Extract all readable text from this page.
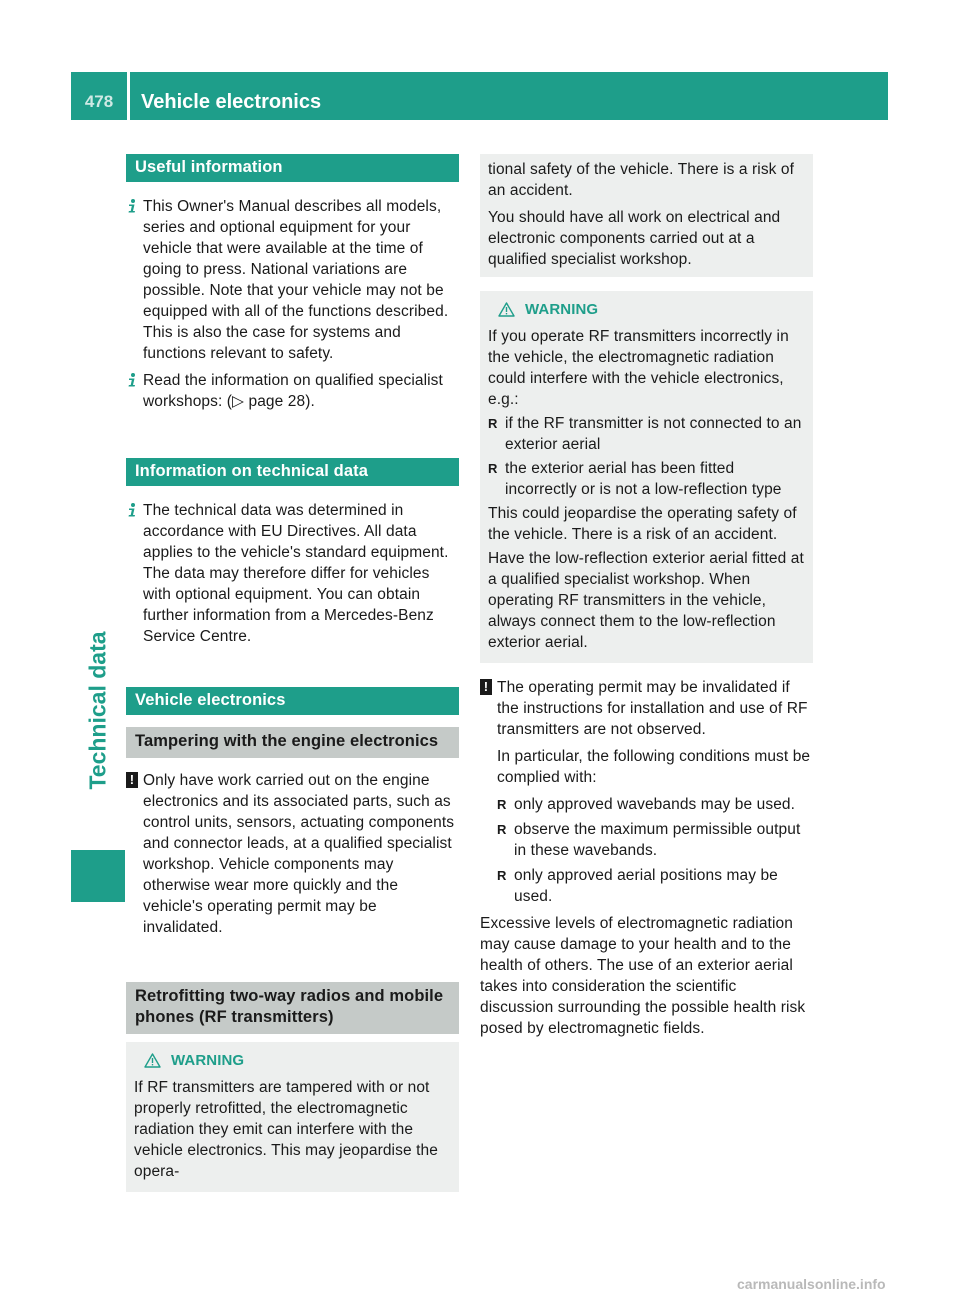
478	Vehicle electronics
Technical data
Useful information

This Owner's Manual describes all models, series and optional equipment for your vehicle that were available at the time of going to press. National variations are possible. Note that your vehicle may not be equipped with all of the functions described. This is also the case for systems and functions relevant to safety.

Read the information on qualified specialist workshops: (▷ page 28).

Information on technical data

The technical data was determined in accordance with EU Directives. All data applies to the vehicle's standard equipment. The data may therefore differ for vehicles with optional equipment. You can obtain further information from a Mercedes-Benz Service Centre.

Vehicle electronics
Tampering with the engine electronics
! Only have work carried out on the engine electronics and its associated parts, such as control units, sensors, actuating components and connector leads, at a qualified specialist workshop. Vehicle components may otherwise wear more quickly and the vehicle's operating permit may be invalidated.

Retrofitting two-way radios and mobile phones (RF transmitters)
WARNING

If RF transmitters are tampered with or not properly retrofitted, the electromagnetic radiation they emit can interfere with the vehicle electronics. This may jeopardise the opera-

tional safety of the vehicle. There is a risk of an accident.

You should have all work on electrical and electronic components carried out at a qualified specialist workshop.

WARNING

If you operate RF transmitters incorrectly in the vehicle, the electromagnetic radiation could interfere with the vehicle electronics, e.g.:

R if the RF transmitter is not connected to an exterior aerial
R the exterior aerial has been fitted incorrectly or is not a low-reflection type

This could jeopardise the operating safety of the vehicle. There is a risk of an accident.

Have the low-reflection exterior aerial fitted at a qualified specialist workshop. When operating RF transmitters in the vehicle, always connect them to the low-reflection exterior aerial.

! The operating permit may be invalidated if the instructions for installation and use of RF transmitters are not observed.

In particular, the following conditions must be complied with:

R only approved wavebands may be used.
R observe the maximum permissible output in these wavebands.
R only approved aerial positions may be used.

Excessive levels of electromagnetic radiation may cause damage to your health and to the health of others. The use of an exterior aerial takes into consideration the scientific discussion surrounding the possible health risk posed by electromagnetic fields.

carmanualsonline.info
